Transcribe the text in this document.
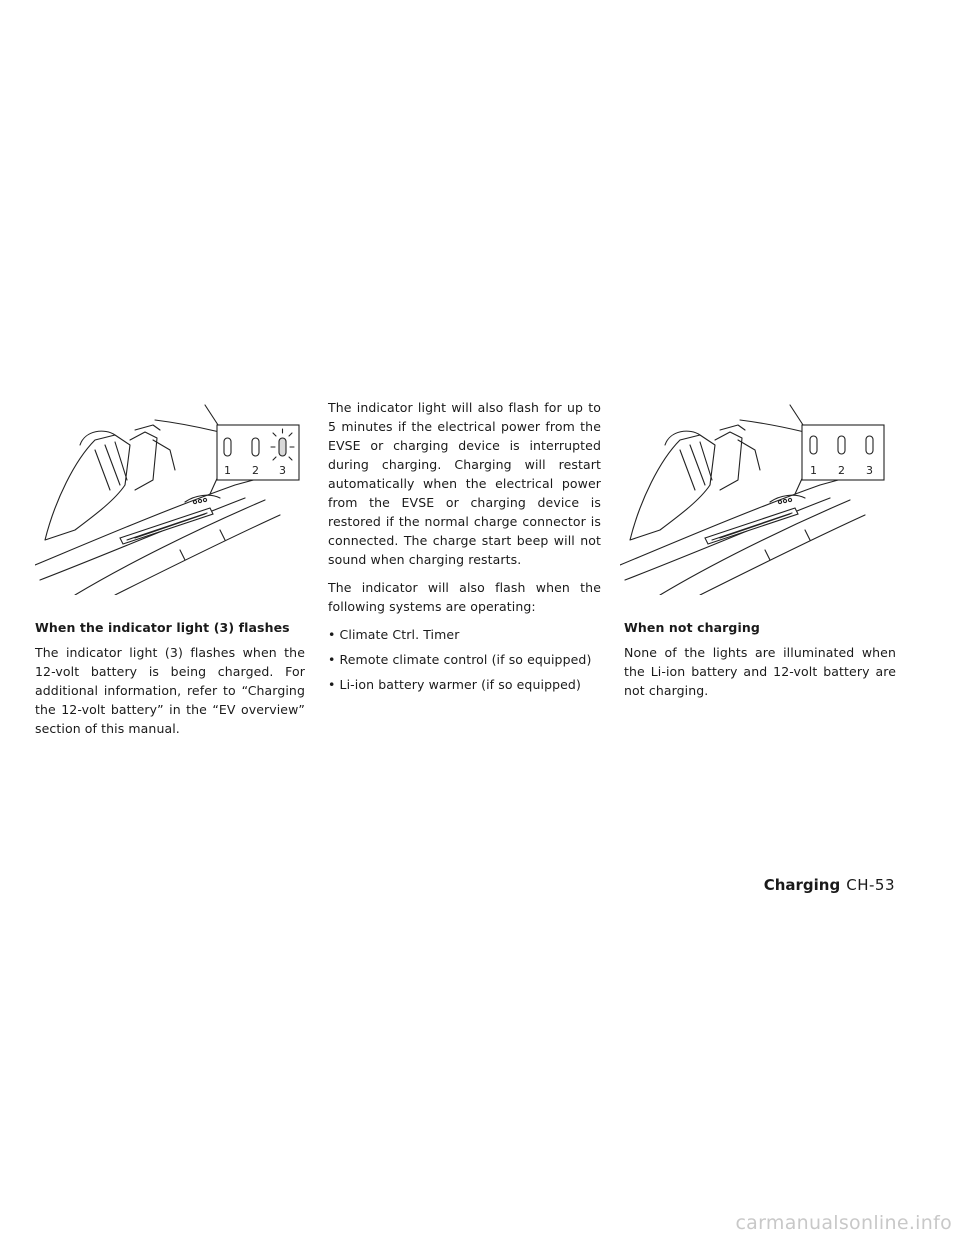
1 2 3	1 2 3

When the indicator light (3) flashes

The indicator light (3) flashes when the 12-volt battery is being charged. For additional information, refer to “Charging the 12-volt battery” in the “EV overview” section of this manual.

The indicator light will also flash for up to 5 minutes if the electrical power from the EVSE or charging device is interrupted during charging. Charging will restart automatically when the electrical power from the EVSE or charging device is restored if the normal charge connector is connected. The charge start beep will not sound when charging restarts.

The indicator will also flash when the following systems are operating:

• Climate Ctrl. Timer

• Remote climate control (if so equipped)

• Li-ion battery warmer (if so equipped)

When not charging

None of the lights are illuminated when the Li-ion battery and 12-volt battery are not charging.

Charging CH-53
carmanualsonline.info
